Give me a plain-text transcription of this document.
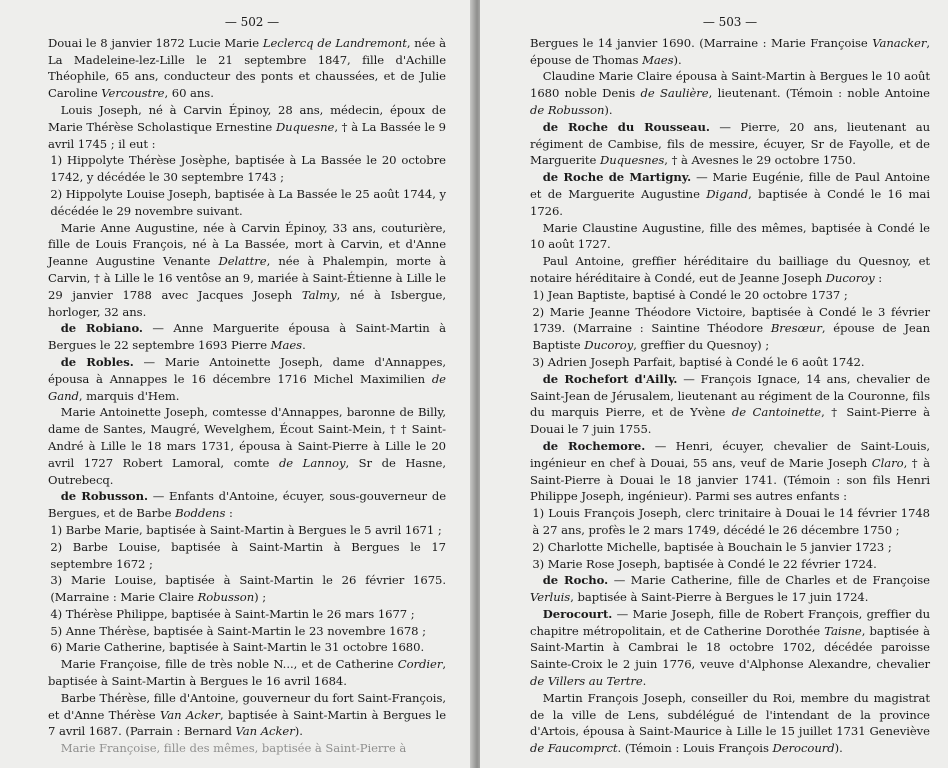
— 502 —

Douai le 8 janvier 1872 Lucie Marie Leclercq de Landremont, née à La Madeleine-lez-Lille le 21 septembre 1847, fille d'Achille Théophile, 65 ans, conducteur des ponts et chaussées, et de Julie Caroline Vercoustre, 60 ans.

Louis Joseph, né à Carvin Épinoy, 28 ans, médecin, époux de Marie Thérèse Scholastique Ernestine Duquesne, † à La Bassée le 9 avril 1745 ; il eut :

1) Hippolyte Thérèse Josèphe, baptisée à La Bassée le 20 octobre 1742, y décédée le 30 septembre 1743 ;

2) Hippolyte Louise Joseph, baptisée à La Bassée le 25 août 1744, y décédée le 29 novembre suivant.

Marie Anne Augustine, née à Carvin Épinoy, 33 ans, couturière, fille de Louis François, né à La Bassée, mort à Carvin, et d'Anne Jeanne Augustine Venante Delattre, née à Phalempin, morte à Carvin, † à Lille le 16 ventôse an 9, mariée à Saint-Étienne à Lille le 29 janvier 1788 avec Jacques Joseph Talmy, né à Isbergue, horloger, 32 ans.

de Robiano. — Anne Marguerite épousa à Saint-Martin à Bergues le 22 septembre 1693 Pierre Maes.

de Robles. — Marie Antoinette Joseph, dame d'Annappes, épousa à Annappes le 16 décembre 1716 Michel Maximilien de Gand, marquis d'Hem.

Marie Antoinette Joseph, comtesse d'Annappes, baronne de Billy, dame de Santes, Maugré, Wevelghem, Écout Saint-Mein, † † Saint-André à Lille le 18 mars 1731, épousa à Saint-Pierre à Lille le 20 avril 1727 Robert Lamoral, comte de Lannoy, Sr de Hasne, Outrebecq.

de Robusson. — Enfants d'Antoine, écuyer, sous-gouverneur de Bergues, et de Barbe Boddens :

1) Barbe Marie, baptisée à Saint-Martin à Bergues le 5 avril 1671 ;

2) Barbe Louise, baptisée à Saint-Martin à Bergues le 17 septembre 1672 ;

3) Marie Louise, baptisée à Saint-Martin le 26 février 1675. (Marraine : Marie Claire Robusson) ;

4) Thérèse Philippe, baptisée à Saint-Martin le 26 mars 1677 ;

5) Anne Thérèse, baptisée à Saint-Martin le 23 novembre 1678 ;

6) Marie Catherine, baptisée à Saint-Martin le 31 octobre 1680.

Marie Françoise, fille de très noble N..., et de Catherine Cordier, baptisée à Saint-Martin à Bergues le 16 avril 1684.

Barbe Thérèse, fille d'Antoine, gouverneur du fort Saint-François, et d'Anne Thérèse Van Acker, baptisée à Saint-Martin à Bergues le 7 avril 1687. (Parrain : Bernard Van Acker).

Marie Françoise, fille des mêmes, baptisée à Saint-Pierre à

— 503 —

Bergues le 14 janvier 1690. (Marraine : Marie Françoise Vanacker, épouse de Thomas Maes).

Claudine Marie Claire épousa à Saint-Martin à Bergues le 10 août 1680 noble Denis de Saulière, lieutenant. (Témoin : noble Antoine de Robusson).

de Roche du Rousseau. — Pierre, 20 ans, lieutenant au régiment de Cambise, fils de messire, écuyer, Sr de Fayolle, et de Marguerite Duquesnes, † à Avesnes le 29 octobre 1750.

de Roche de Martigny. — Marie Eugénie, fille de Paul Antoine et de Marguerite Augustine Digand, baptisée à Condé le 16 mai 1726.

Marie Claustine Augustine, fille des mêmes, baptisée à Condé le 10 août 1727.

Paul Antoine, greffier héréditaire du bailliage du Quesnoy, et notaire héréditaire à Condé, eut de Jeanne Joseph Ducoroy :

1) Jean Baptiste, baptisé à Condé le 20 octobre 1737 ;

2) Marie Jeanne Théodore Victoire, baptisée à Condé le 3 février 1739. (Marraine : Saintine Théodore Bresœur, épouse de Jean Baptiste Ducoroy, greffier du Quesnoy) ;

3) Adrien Joseph Parfait, baptisé à Condé le 6 août 1742.

de Rochefort d'Ailly. — François Ignace, 14 ans, chevalier de Saint-Jean de Jérusalem, lieutenant au régiment de la Couronne, fils du marquis Pierre, et de Yvène de Cantoinette, † Saint-Pierre à Douai le 7 juin 1755.

de Rochemore. — Henri, écuyer, chevalier de Saint-Louis, ingénieur en chef à Douai, 55 ans, veuf de Marie Joseph Claro, † à Saint-Pierre à Douai le 18 janvier 1741. (Témoin : son fils Henri Philippe Joseph, ingénieur). Parmi ses autres enfants :

1) Louis François Joseph, clerc trinitaire à Douai le 14 février 1748 à 27 ans, profès le 2 mars 1749, décédé le 26 décembre 1750 ;

2) Charlotte Michelle, baptisée à Bouchain le 5 janvier 1723 ;

3) Marie Rose Joseph, baptisée à Condé le 22 février 1724.

de Rocho. — Marie Catherine, fille de Charles et de Françoise Verluis, baptisée à Saint-Pierre à Bergues le 17 juin 1724.

Derocourt. — Marie Joseph, fille de Robert François, greffier du chapitre métropolitain, et de Catherine Dorothée Taisne, baptisée à Saint-Martin à Cambrai le 18 octobre 1702, décédée paroisse Sainte-Croix le 2 juin 1776, veuve d'Alphonse Alexandre, chevalier de Villers au Tertre.

Martin François Joseph, conseiller du Roi, membre du magistrat de la ville de Lens, subdélégué de l'intendant de la province d'Artois, épousa à Saint-Maurice à Lille le 15 juillet 1731 Geneviève de Faucomprct. (Témoin : Louis François Derocourd).
